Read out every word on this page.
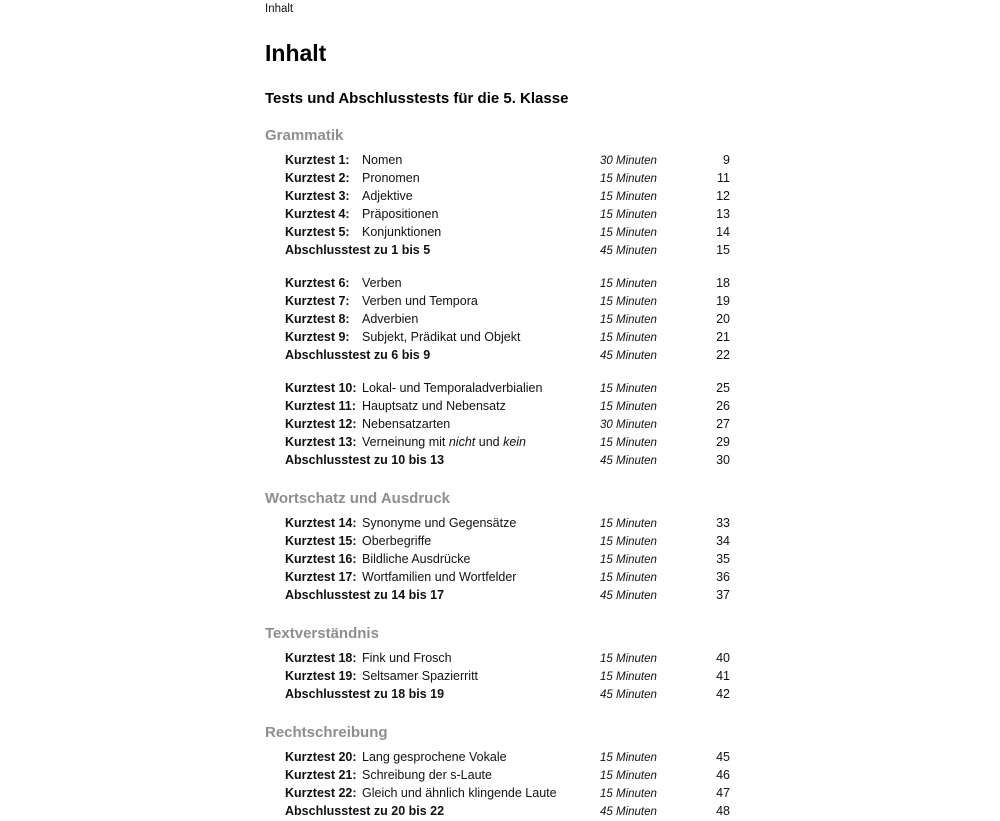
Inhalt
Inhalt
Tests und Abschlusstests für die 5. Klasse
Grammatik
Kurztest 1: Nomen	30 Minuten	9
Kurztest 2: Pronomen	15 Minuten	11
Kurztest 3: Adjektive	15 Minuten	12
Kurztest 4: Präpositionen	15 Minuten	13
Kurztest 5: Konjunktionen	15 Minuten	14
Abschlusstest zu 1 bis 5	45 Minuten	15
Kurztest 6: Verben	15 Minuten	18
Kurztest 7: Verben und Tempora	15 Minuten	19
Kurztest 8: Adverbien	15 Minuten	20
Kurztest 9: Subjekt, Prädikat und Objekt	15 Minuten	21
Abschlusstest zu 6 bis 9	45 Minuten	22
Kurztest 10: Lokal- und Temporaladverbialien	15 Minuten	25
Kurztest 11: Hauptsatz und Nebensatz	15 Minuten	26
Kurztest 12: Nebensatzarten	30 Minuten	27
Kurztest 13: Verneinung mit nicht und kein	15 Minuten	29
Abschlusstest zu 10 bis 13	45 Minuten	30
Wortschatz und Ausdruck
Kurztest 14: Synonyme und Gegensätze	15 Minuten	33
Kurztest 15: Oberbegriffe	15 Minuten	34
Kurztest 16: Bildliche Ausdrücke	15 Minuten	35
Kurztest 17: Wortfamilien und Wortfelder	15 Minuten	36
Abschlusstest zu 14 bis 17	45 Minuten	37
Textverständnis
Kurztest 18: Fink und Frosch	15 Minuten	40
Kurztest 19: Seltsamer Spazierritt	15 Minuten	41
Abschlusstest zu 18 bis 19	45 Minuten	42
Rechtschreibung
Kurztest 20: Lang gesprochene Vokale	15 Minuten	45
Kurztest 21: Schreibung der s-Laute	15 Minuten	46
Kurztest 22: Gleich und ähnlich klingende Laute	15 Minuten	47
Abschlusstest zu 20 bis 22	45 Minuten	48
